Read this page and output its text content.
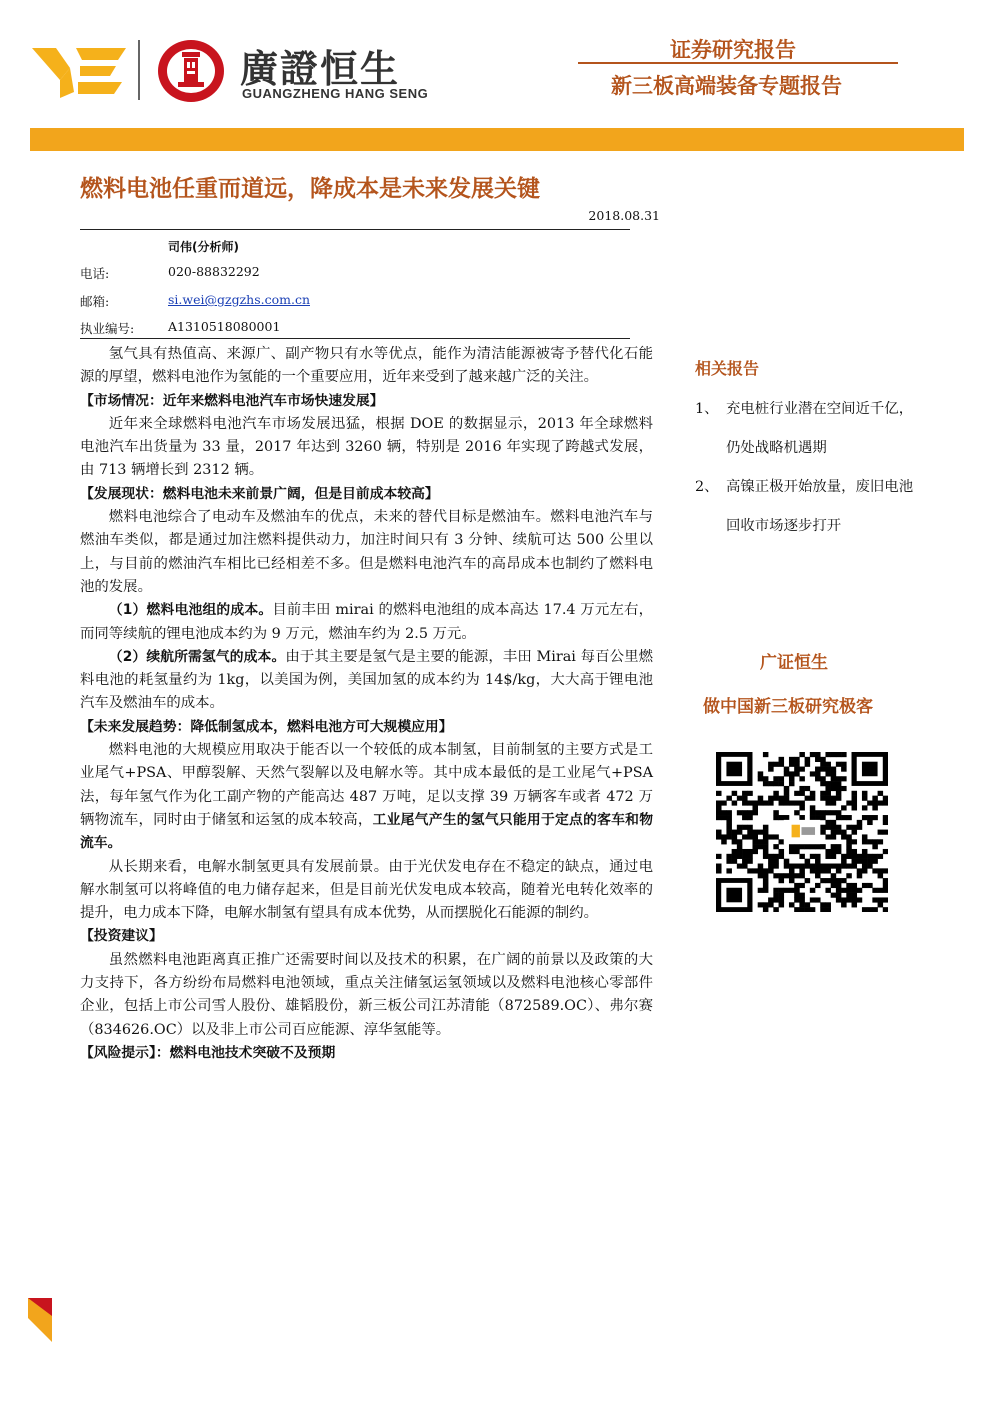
廣證恒生
GUANGZHENG HANG SENG
证券研究报告
新三板高端装备专题报告
燃料电池任重而道远，降成本是未来发展关键
2018.08.31
司伟(分析师)
电话:	020-88832292
邮箱:	si.wei@gzgzhs.com.cn
执业编号:	A1310518080001

氢气具有热值高、来源广、副产物只有水等优点，能作为清洁能源被寄予替代化石能源的厚望，燃料电池作为氢能的一个重要应用，近年来受到了越来越广泛的关注。

【市场情况：近年来燃料电池汽车市场快速发展】

近年来全球燃料电池汽车市场发展迅猛，根据 DOE 的数据显示，2013 年全球燃料电池汽车出货量为 33 量，2017 年达到 3260 辆，特别是 2016 年实现了跨越式发展，由 713 辆增长到 2312 辆。

【发展现状：燃料电池未来前景广阔，但是目前成本较高】

燃料电池综合了电动车及燃油车的优点，未来的替代目标是燃油车。燃料电池汽车与燃油车类似，都是通过加注燃料提供动力，加注时间只有 3 分钟、续航可达 500 公里以上，与目前的燃油汽车相比已经相差不多。但是燃料电池汽车的高昂成本也制约了燃料电池的发展。

（1）燃料电池组的成本。目前丰田 mirai 的燃料电池组的成本高达 17.4 万元左右，而同等续航的锂电池成本约为 9 万元，燃油车约为 2.5 万元。

（2）续航所需氢气的成本。由于其主要是氢气是主要的能源，丰田 Mirai 每百公里燃料电池的耗氢量约为 1kg，以美国为例，美国加氢的成本约为 14$/kg，大大高于锂电池汽车及燃油车的成本。

【未来发展趋势：降低制氢成本，燃料电池方可大规模应用】

燃料电池的大规模应用取决于能否以一个较低的成本制氢，目前制氢的主要方式是工业尾气+PSA、甲醇裂解、天然气裂解以及电解水等。其中成本最低的是工业尾气+PSA 法，每年氢气作为化工副产物的产能高达 487 万吨，足以支撑 39 万辆客车或者 472 万辆物流车，同时由于储氢和运氢的成本较高，工业尾气产生的氢气只能用于定点的客车和物流车。

从长期来看，电解水制氢更具有发展前景。由于光伏发电存在不稳定的缺点，通过电解水制氢可以将峰值的电力储存起来，但是目前光伏发电成本较高，随着光电转化效率的提升，电力成本下降，电解水制氢有望具有成本优势，从而摆脱化石能源的制约。

【投资建议】

虽然燃料电池距离真正推广还需要时间以及技术的积累，在广阔的前景以及政策的大力支持下，各方纷纷布局燃料电池领域，重点关注储氢运氢领域以及燃料电池核心零部件企业，包括上市公司雪人股份、雄韬股份，新三板公司江苏清能（872589.OC）、弗尔赛（834626.OC）以及非上市公司百应能源、淳华氢能等。

【风险提示】：燃料电池技术突破不及预期

相关报告
1、 充电桩行业潜在空间近千亿，
仍处战略机遇期
2、 高镍正极开始放量，废旧电池
回收市场逐步打开
广证恒生
做中国新三板研究极客
